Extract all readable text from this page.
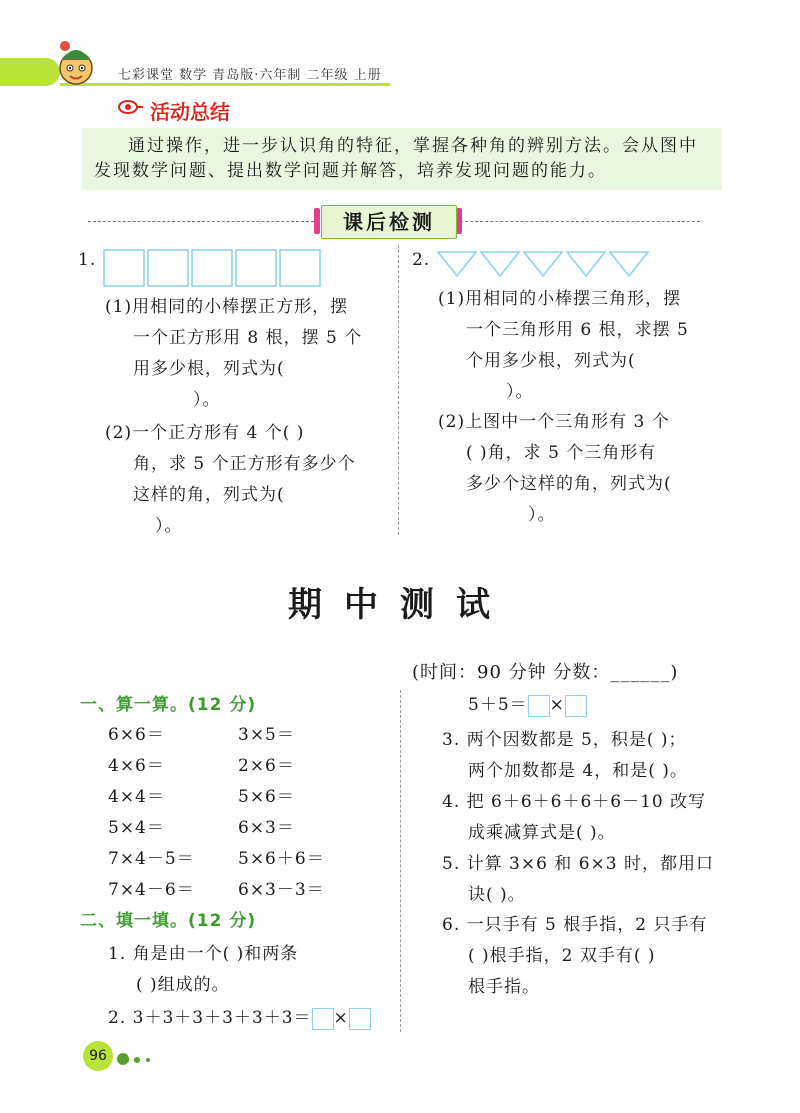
七彩课堂 数学 青岛版·六年制 二年级 上册
活动总结
通过操作，进一步认识角的特征，掌握各种角的辨别方法。会从图中发现数学问题、提出数学问题并解答，培养发现问题的能力。
课后检测
1.
(1)用相同的小棒摆正方形，摆
一个正方形用 8 根，摆 5 个
用多少根，列式为(
）。
(2)一个正方形有 4 个( )
角，求 5 个正方形有多少个
这样的角，列式为(
）。
2.
(1)用相同的小棒摆三角形，摆
一个三角形用 6 根，求摆 5
个用多少根，列式为(
）。
(2)上图中一个三角形有 3 个
( )角，求 5 个三角形有
多少个这样的角，列式为(
）。
期中测试
(时间：90 分钟 分数：______)
一、算一算。(12 分)
6×6＝	3×5＝
4×6＝	2×6＝
4×4＝	5×6＝
5×4＝	6×3＝
7×4－5＝	5×6＋6＝
7×4－6＝	6×3－3＝
二、填一填。(12 分)
1. 角是由一个( )和两条
( )组成的。
2. 3＋3＋3＋3＋3＋3＝ ×
5＋5＝ ×
3. 两个因数都是 5，积是( )；
两个加数都是 4，和是( )。
4. 把 6＋6＋6＋6＋6－10 改写
成乘减算式是( )。
5. 计算 3×6 和 6×3 时，都用口
诀( )。
6. 一只手有 5 根手指，2 只手有
( )根手指，2 双手有( )
根手指。
96
